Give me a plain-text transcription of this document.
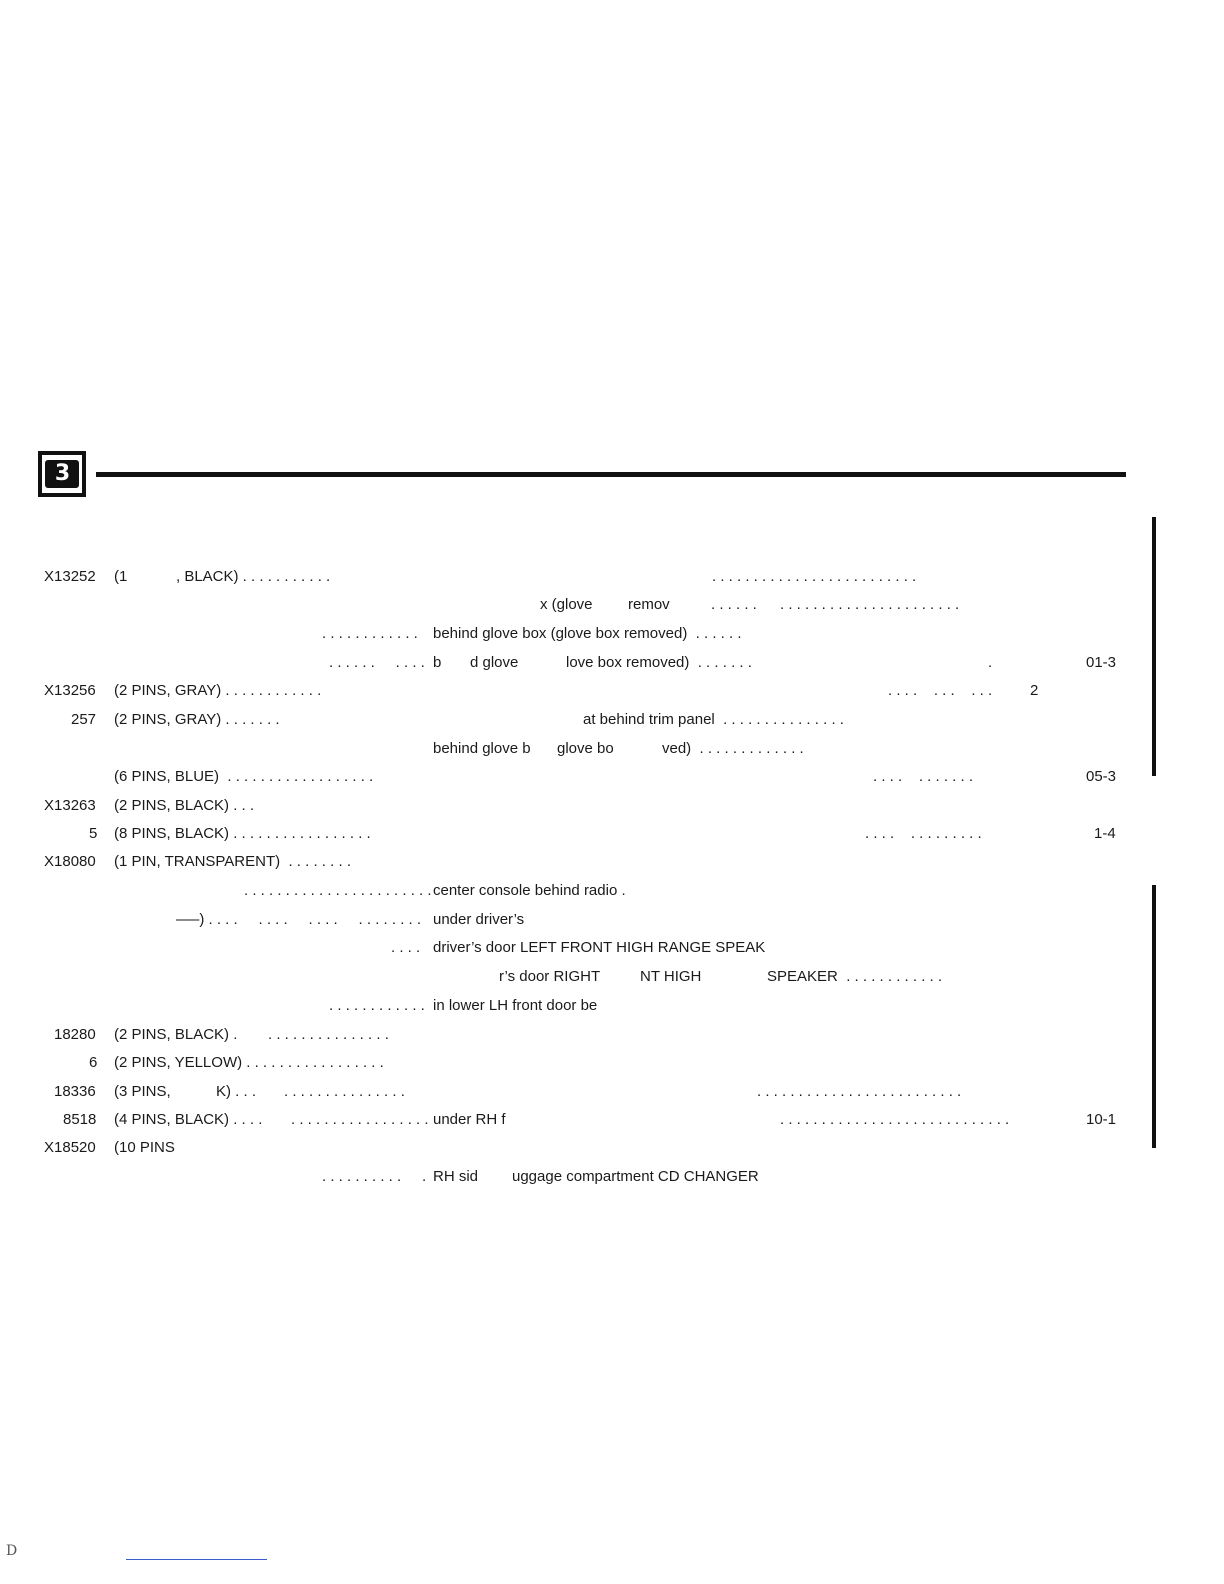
3
X13252 (1	, BLACK) . . . . . . . . . . .	. . . . . . . . . . . . . . . . . . . . . . . . .
x (glove remov	. . . . . . . . . . . . . . . . . . . . . . . . . . . .
. . . . . . . . . . . . behind glove box (glove box removed)  . . . . . .
. . . . . .     . . . . b d glove	love box removed)  . . . . . . .	.	01-3
X13256 (2 PINS, GRAY) . . . . . . . . . . . .	. . . .    . . .    . . .	2
257 (2 PINS, GRAY) . . . . . . .	at behind trim panel  . . . . . . . . . . . . . . .
behind glove b glove bo	ved)  . . . . . . . . . . . . .
(6 PINS, BLUE)  . . . . . . . . . . . . . . . . . .	. . . .    . . . . . . .	05-3
X13263 (2 PINS, BLACK) . . .
5 (8 PINS, BLACK) . . . . . . . . . . . . . . . . .	. . . .    . . . . . . . . .	1-4
X18080 (1 PIN, TRANSPARENT)  . . . . . . . .
. . . . . . . . . . . . . . . . . . . . . . . center console behind radio .
—–) . . . .     . . . .     . . . .     . . . . . . . . under driver’s
. . . . driver’s door LEFT FRONT HIGH RANGE SPEAK
r’s door RIGHT	NT HIGH	SPEAKER  . . . . . . . . . . . .
. . . . . . . . . . . . in lower LH front door be
18280 (2 PINS, BLACK) . . . . . . . . . . . . . . . .
6 (2 PINS, YELLOW) . . . . . . . . . . . . . . . . .
18336 (3 PINS,	K) . . . . . . . . . . . . . . . . . .	. . . . . . . . . . . . . . . . . . . . . . . . .
8518 (4 PINS, BLACK) . . . . . . . . . . . . . . . . . . . . . under RH f	. . . . . . . . . . . . . . . . . . . . . . . . . . . .	10-1
X18520 (10 PINS
. . . . . . . . . .     . RH sid uggage compartment CD CHANGER
D
